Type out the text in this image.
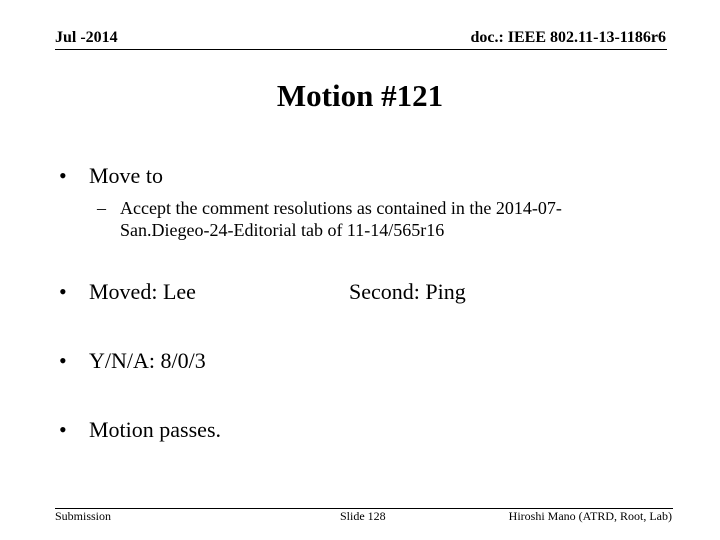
Jul -2014	doc.: IEEE 802.11-13-1186r6
Motion #121
• Move to
– Accept the comment resolutions as contained in the 2014-07-
San.Diegeo-24-Editorial tab of 11-14/565r16
• Moved: Lee	Second: Ping
• Y/N/A: 8/0/3
• Motion passes.
Submission	Slide 128	Hiroshi Mano (ATRD, Root, Lab)
